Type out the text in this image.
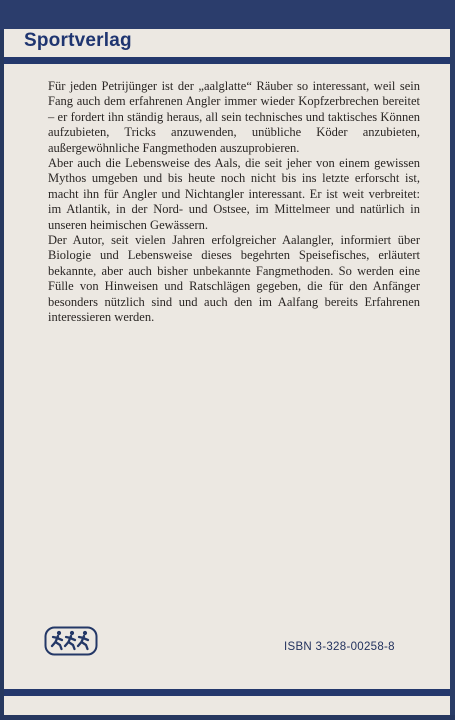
Sportverlag

Für jeden Petrijünger ist der „aalglatte“ Räuber so interessant, weil sein Fang auch dem erfahrenen Angler immer wieder Kopfzerbrechen bereitet – er fordert ihn ständig heraus, all sein technisches und taktisches Können aufzubieten, Tricks anzuwenden, unübliche Köder anzubieten, außergewöhnliche Fangmethoden auszuprobieren.

Aber auch die Lebensweise des Aals, die seit jeher von einem gewissen Mythos umgeben und bis heute noch nicht bis ins letzte erforscht ist, macht ihn für Angler und Nichtangler interessant. Er ist weit verbreitet: im Atlantik, in der Nord- und Ostsee, im Mittelmeer und natürlich in unseren heimischen Gewässern.

Der Autor, seit vielen Jahren erfolgreicher Aalangler, informiert über Biologie und Lebensweise dieses begehrten Speisefisches, erläutert bekannte, aber auch bisher unbekannte Fangmethoden. So werden eine Fülle von Hinweisen und Ratschlägen gegeben, die für den Anfänger besonders nützlich sind und auch den im Aalfang bereits Erfahrenen interessieren werden.

ISBN 3-328-00258-8
